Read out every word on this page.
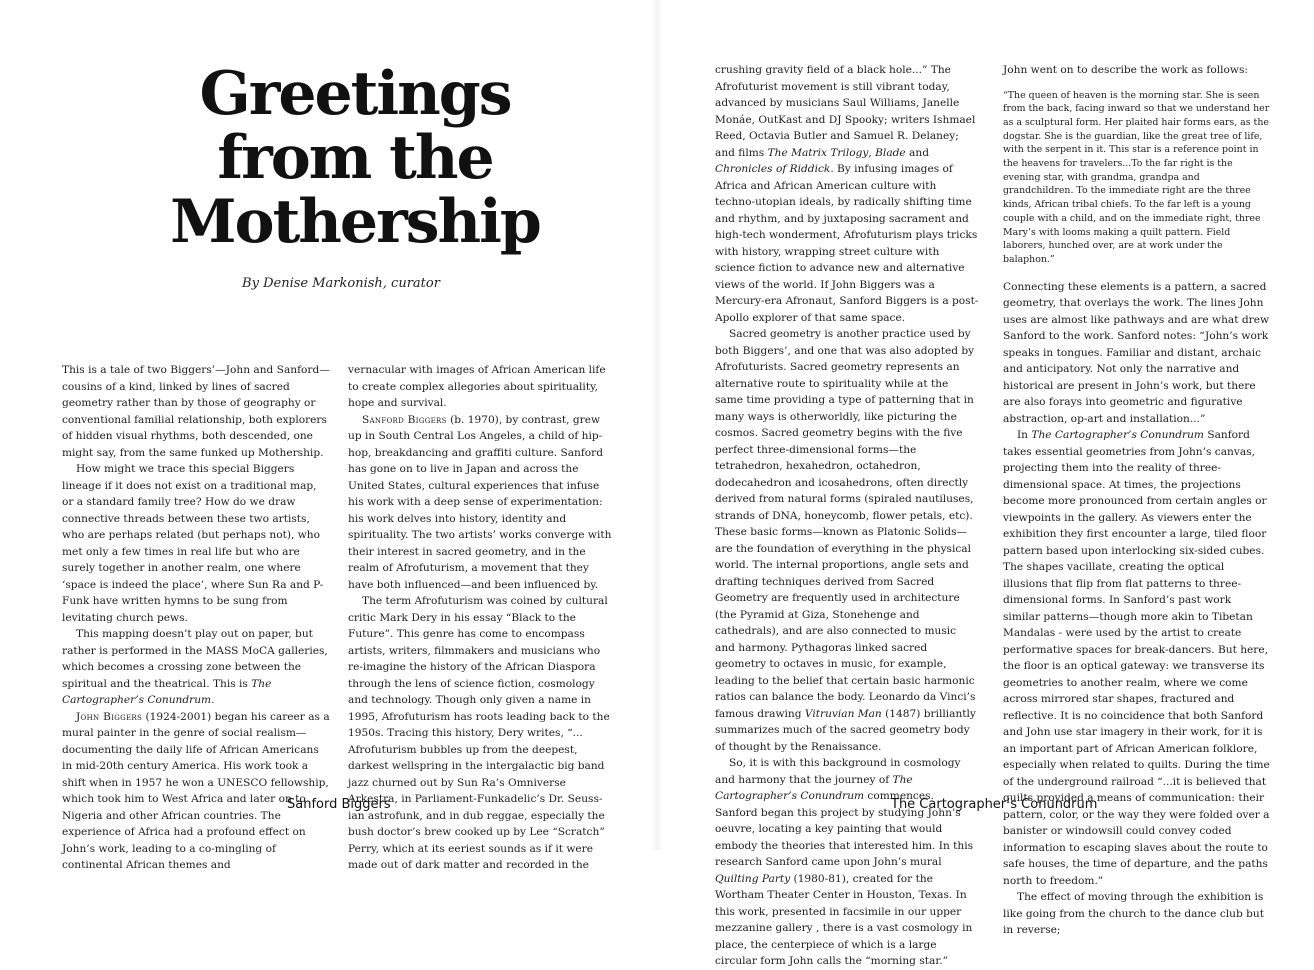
Greetings
from the
Mothership
By Denise Markonish, curator

This is a tale of two Biggers’—John and Sanford—cousins of a kind, linked by lines of sacred geometry rather than by those of geography or conventional familial relationship, both explorers of hidden visual rhythms, both descended, one might say, from the same funked up Mothership.

How might we trace this special Biggers lineage if it does not exist on a traditional map, or a standard family tree? How do we draw connective threads between these two artists, who are perhaps related (but perhaps not), who met only a few times in real life but who are surely together in another realm, one where ‘space is indeed the place’, where Sun Ra and P-Funk have written hymns to be sung from levitating church pews.

This mapping doesn’t play out on paper, but rather is performed in the MASS MoCA galleries, which becomes a crossing zone between the spiritual and the theatrical. This is The Cartographer’s Conundrum.

John Biggers (1924-2001) began his career as a mural painter in the genre of social realism—documenting the daily life of African Americans in mid-20th century America. His work took a shift when in 1957 he won a UNESCO fellowship, which took him to West Africa and later on to Nigeria and other African countries. The experience of Africa had a profound effect on John’s work, leading to a co-mingling of continental African themes and

vernacular with images of African American life to create complex allegories about spirituality, hope and survival.

Sanford Biggers (b. 1970), by contrast, grew up in South Central Los Angeles, a child of hip-hop, breakdancing and graffiti culture. Sanford has gone on to live in Japan and across the United States, cultural experiences that infuse his work with a deep sense of experimentation: his work delves into history, identity and spirituality. The two artists’ works converge with their interest in sacred geometry, and in the realm of Afrofuturism, a movement that they have both influenced—and been influenced by.

The term Afrofuturism was coined by cultural critic Mark Dery in his essay “Black to the Future”. This genre has come to encompass artists, writers, filmmakers and musicians who re-imagine the history of the African Diaspora through the lens of science fiction, cosmology and technology. Though only given a name in 1995, Afrofuturism has roots leading back to the 1950s. Tracing this history, Dery writes, “... Afrofuturism bubbles up from the deepest, darkest wellspring in the intergalactic big band jazz churned out by Sun Ra’s Omniverse Arkestra, in Parliament-Funkadelic’s Dr. Seuss-ian astrofunk, and in dub reggae, especially the bush doctor’s brew cooked up by Lee “Scratch” Perry, which at its eeriest sounds as if it were made out of dark matter and recorded in the

Sanford Biggers

crushing gravity field of a black hole...” The Afrofuturist movement is still vibrant today, advanced by musicians Saul Williams, Janelle Monáe, OutKast and DJ Spooky; writers Ishmael Reed, Octavia Butler and Samuel R. Delaney; and films The Matrix Trilogy, Blade and Chronicles of Riddick. By infusing images of Africa and African American culture with techno-utopian ideals, by radically shifting time and rhythm, and by juxtaposing sacrament and high-tech wonderment, Afrofuturism plays tricks with history, wrapping street culture with science fiction to advance new and alternative views of the world. If John Biggers was a Mercury-era Afronaut, Sanford Biggers is a post-Apollo explorer of that same space.

Sacred geometry is another practice used by both Biggers’, and one that was also adopted by Afrofuturists. Sacred geometry represents an alternative route to spirituality while at the same time providing a type of patterning that in many ways is otherworldly, like picturing the cosmos. Sacred geometry begins with the five perfect three-dimensional forms—the tetrahedron, hexahedron, octahedron, dodecahedron and icosahedrons, often directly derived from natural forms (spiraled nautiluses, strands of DNA, honeycomb, flower petals, etc). These basic forms—known as Platonic Solids—are the foundation of everything in the physical world. The internal proportions, angle sets and drafting techniques derived from Sacred Geometry are frequently used in architecture (the Pyramid at Giza, Stonehenge and cathedrals), and are also connected to music and harmony. Pythagoras linked sacred geometry to octaves in music, for example, leading to the belief that certain basic harmonic ratios can balance the body. Leonardo da Vinci’s famous drawing Vitruvian Man (1487) brilliantly summarizes much of the sacred geometry body of thought by the Renaissance.

So, it is with this background in cosmology and harmony that the journey of The Cartographer’s Conundrum commences. Sanford began this project by studying John’s oeuvre, locating a key painting that would embody the theories that interested him. In this research Sanford came upon John’s mural Quilting Party (1980-81), created for the Wortham Theater Center in Houston, Texas. In this work, presented in facsimile in our upper mezzanine gallery , there is a vast cosmology in place, the centerpiece of which is a large circular form John calls the “morning star.”

John went on to describe the work as follows:

“The queen of heaven is the morning star. She is seen from the back, facing inward so that we understand her as a sculptural form. Her plaited hair forms ears, as the dogstar. She is the guardian, like the great tree of life, with the serpent in it. This star is a reference point in the heavens for travelers...To the far right is the evening star, with grandma, grandpa and grandchildren. To the immediate right are the three kinds, African tribal chiefs. To the far left is a young couple with a child, and on the immediate right, three Mary’s with looms making a quilt pattern. Field laborers, hunched over, are at work under the balaphon.”

Connecting these elements is a pattern, a sacred geometry, that overlays the work. The lines John uses are almost like pathways and are what drew Sanford to the work. Sanford notes: “John’s work speaks in tongues. Familiar and distant, archaic and anticipatory. Not only the narrative and historical are present in John’s work, but there are also forays into geometric and figurative abstraction, op-art and installation...”

In The Cartographer’s Conundrum Sanford takes essential geometries from John’s canvas, projecting them into the reality of three-dimensional space. At times, the projections become more pronounced from certain angles or viewpoints in the gallery. As viewers enter the exhibition they first encounter a large, tiled floor pattern based upon interlocking six-sided cubes. The shapes vacillate, creating the optical illusions that flip from flat patterns to three-dimensional forms. In Sanford’s past work similar patterns—though more akin to Tibetan Mandalas - were used by the artist to create performative spaces for break-dancers. But here, the floor is an optical gateway: we transverse its geometries to another realm, where we come across mirrored star shapes, fractured and reflective. It is no coincidence that both Sanford and John use star imagery in their work, for it is an important part of African American folklore, especially when related to quilts. During the time of the underground railroad “...it is believed that quilts provided a means of communication: their pattern, color, or the way they were folded over a banister or windowsill could convey coded information to escaping slaves about the route to safe houses, the time of departure, and the paths north to freedom.”

The effect of moving through the exhibition is like going from the church to the dance club but in reverse;

The Cartographer’s Conundrum
